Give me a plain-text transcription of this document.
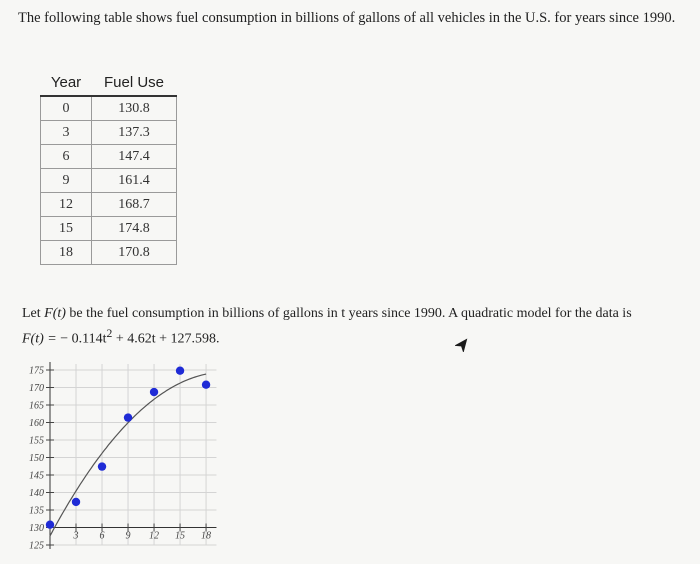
The following table shows fuel consumption in billions of gallons of all vehicles in the U.S. for years since 1990.
Year	Fuel Use
0	130.8
3	137.3
6	147.4
9	161.4
12	168.7
15	174.8
18	170.8
Let F(t) be the fuel consumption in billions of gallons in t years since 1990. A quadratic model for the data is
F(t) = − $0.114t^2 + 4.62t + 127.598$.
125
130
135
140
145
150
155
160
165
170
175
3 6 9 12 15 18
